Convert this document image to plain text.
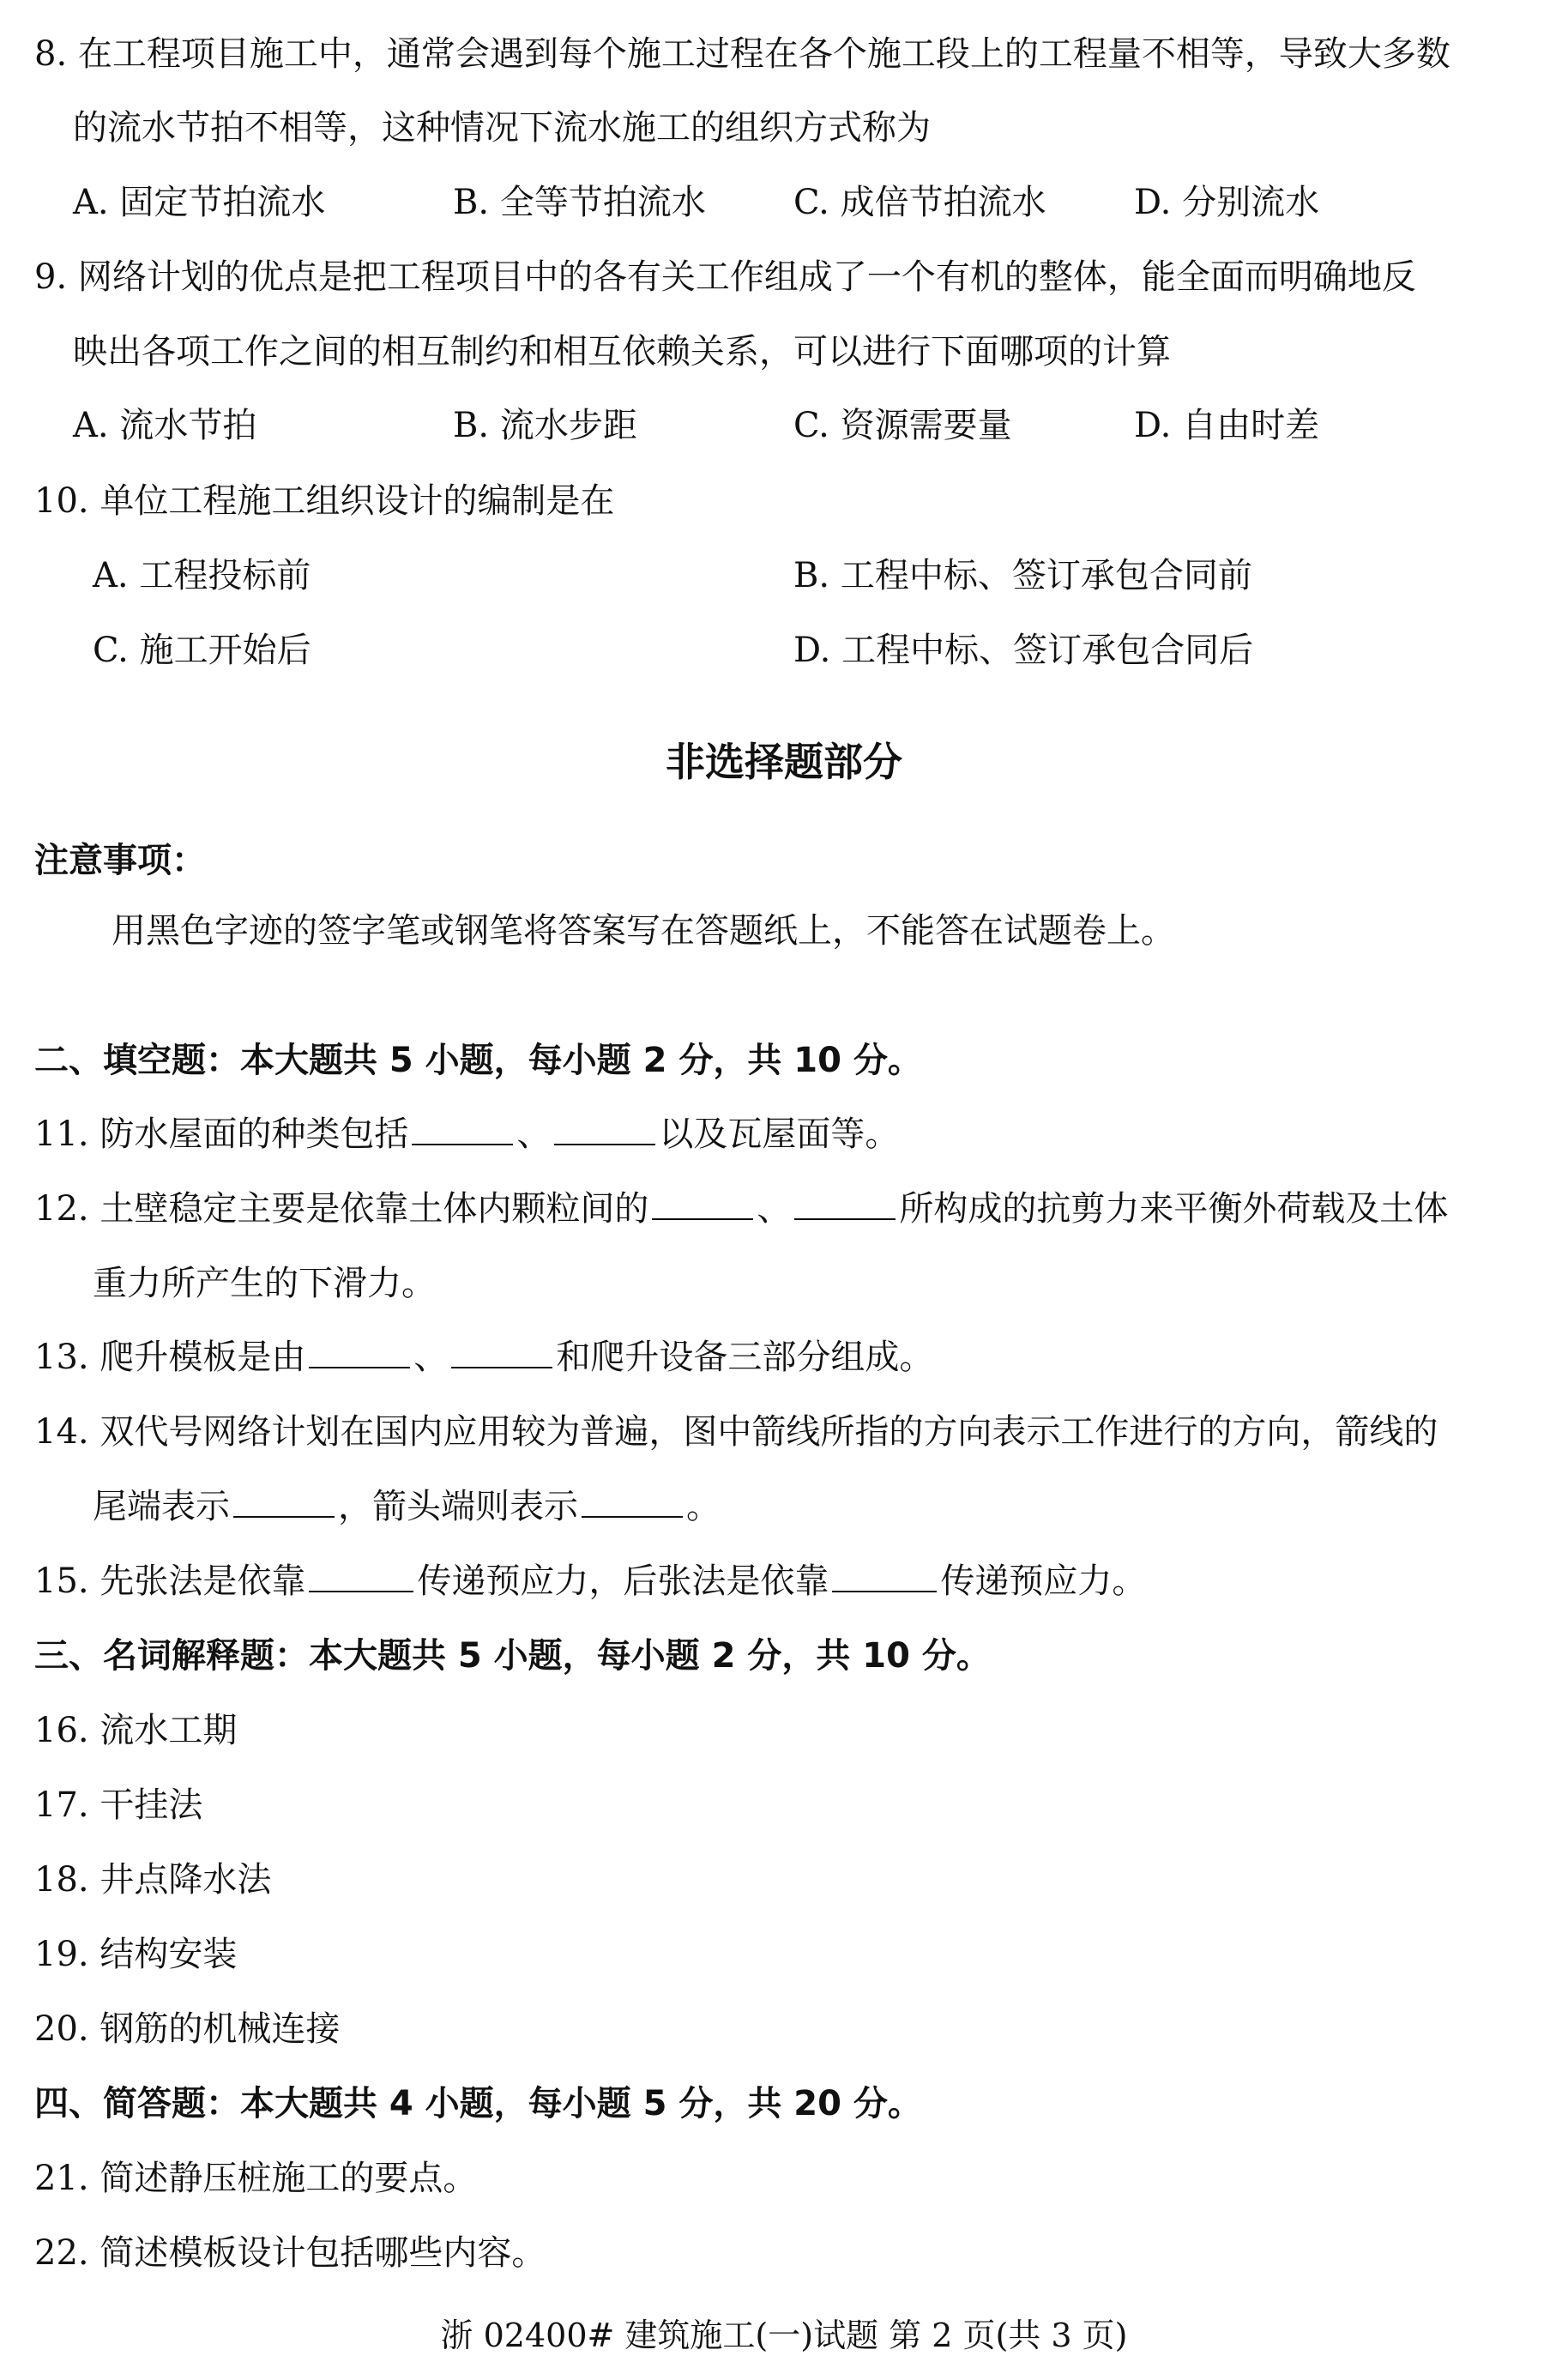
8. 在工程项目施工中，通常会遇到每个施工过程在各个施工段上的工程量不相等，导致大多数
的流水节拍不相等，这种情况下流水施工的组织方式称为
A. 固定节拍流水	B. 全等节拍流水	C. 成倍节拍流水	D. 分别流水
9. 网络计划的优点是把工程项目中的各有关工作组成了一个有机的整体，能全面而明确地反
映出各项工作之间的相互制约和相互依赖关系，可以进行下面哪项的计算
A. 流水节拍	B. 流水步距	C. 资源需要量	D. 自由时差
10. 单位工程施工组织设计的编制是在
A. 工程投标前	B. 工程中标、签订承包合同前
C. 施工开始后	D. 工程中标、签订承包合同后
非选择题部分
注意事项：
用黑色字迹的签字笔或钢笔将答案写在答题纸上，不能答在试题卷上。
二、填空题：本大题共 5 小题，每小题 2 分，共 10 分。
11. 防水屋面的种类包括	、	以及瓦屋面等。
12. 土壁稳定主要是依靠土体内颗粒间的	、	所构成的抗剪力来平衡外荷载及土体
重力所产生的下滑力。
13. 爬升模板是由	、	和爬升设备三部分组成。
14. 双代号网络计划在国内应用较为普遍，图中箭线所指的方向表示工作进行的方向，箭线的
尾端表示	，箭头端则表示	。
15. 先张法是依靠	传递预应力，后张法是依靠	传递预应力。
三、名词解释题：本大题共 5 小题，每小题 2 分，共 10 分。
16. 流水工期
17. 干挂法
18. 井点降水法
19. 结构安装
20. 钢筋的机械连接
四、简答题：本大题共 4 小题，每小题 5 分，共 20 分。
21. 简述静压桩施工的要点。
22. 简述模板设计包括哪些内容。
浙 02400# 建筑施工(一)试题 第 2 页(共 3 页)
